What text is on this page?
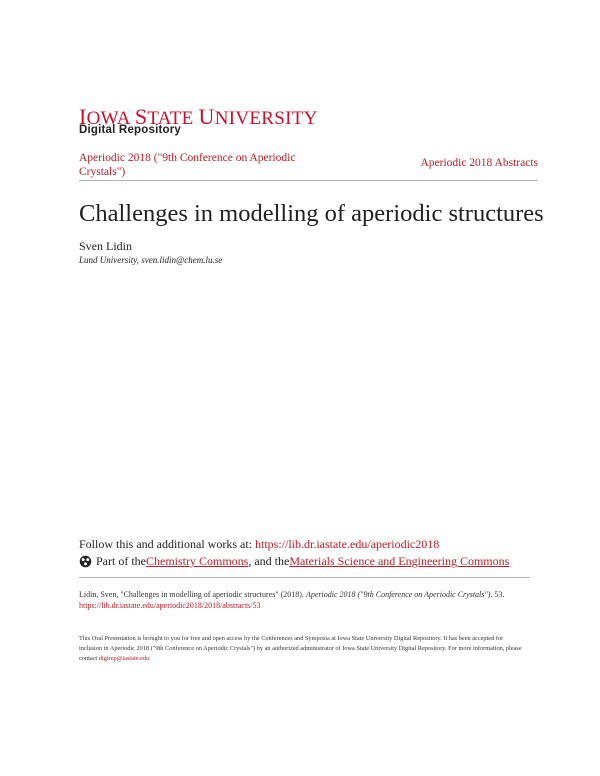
IOWA STATE UNIVERSITY
Digital Repository
Aperiodic 2018 ("9th Conference on Aperiodic Crystals")
Aperiodic 2018 Abstracts
Challenges in modelling of aperiodic structures
Sven Lidin
Lund University, sven.lidin@chem.lu.se
Follow this and additional works at: https://lib.dr.iastate.edu/aperiodic2018
Part of the Chemistry Commons , and the Materials Science and Engineering Commons
Lidin, Sven, "Challenges in modelling of aperiodic structures" (2018). Aperiodic 2018 ("9th Conference on Aperiodic Crystals"). 53.
https://lib.dr.iastate.edu/aperiodic2018/2018/abstracts/53
This Oral Presentation is brought to you for free and open access by the Conferences and Symposia at Iowa State University Digital Repository. It has been accepted for inclusion in Aperiodic 2018 ("9th Conference on Aperiodic Crystals") by an authorized administrator of Iowa State University Digital Repository. For more information, please contact digirep@iastate.edu.
